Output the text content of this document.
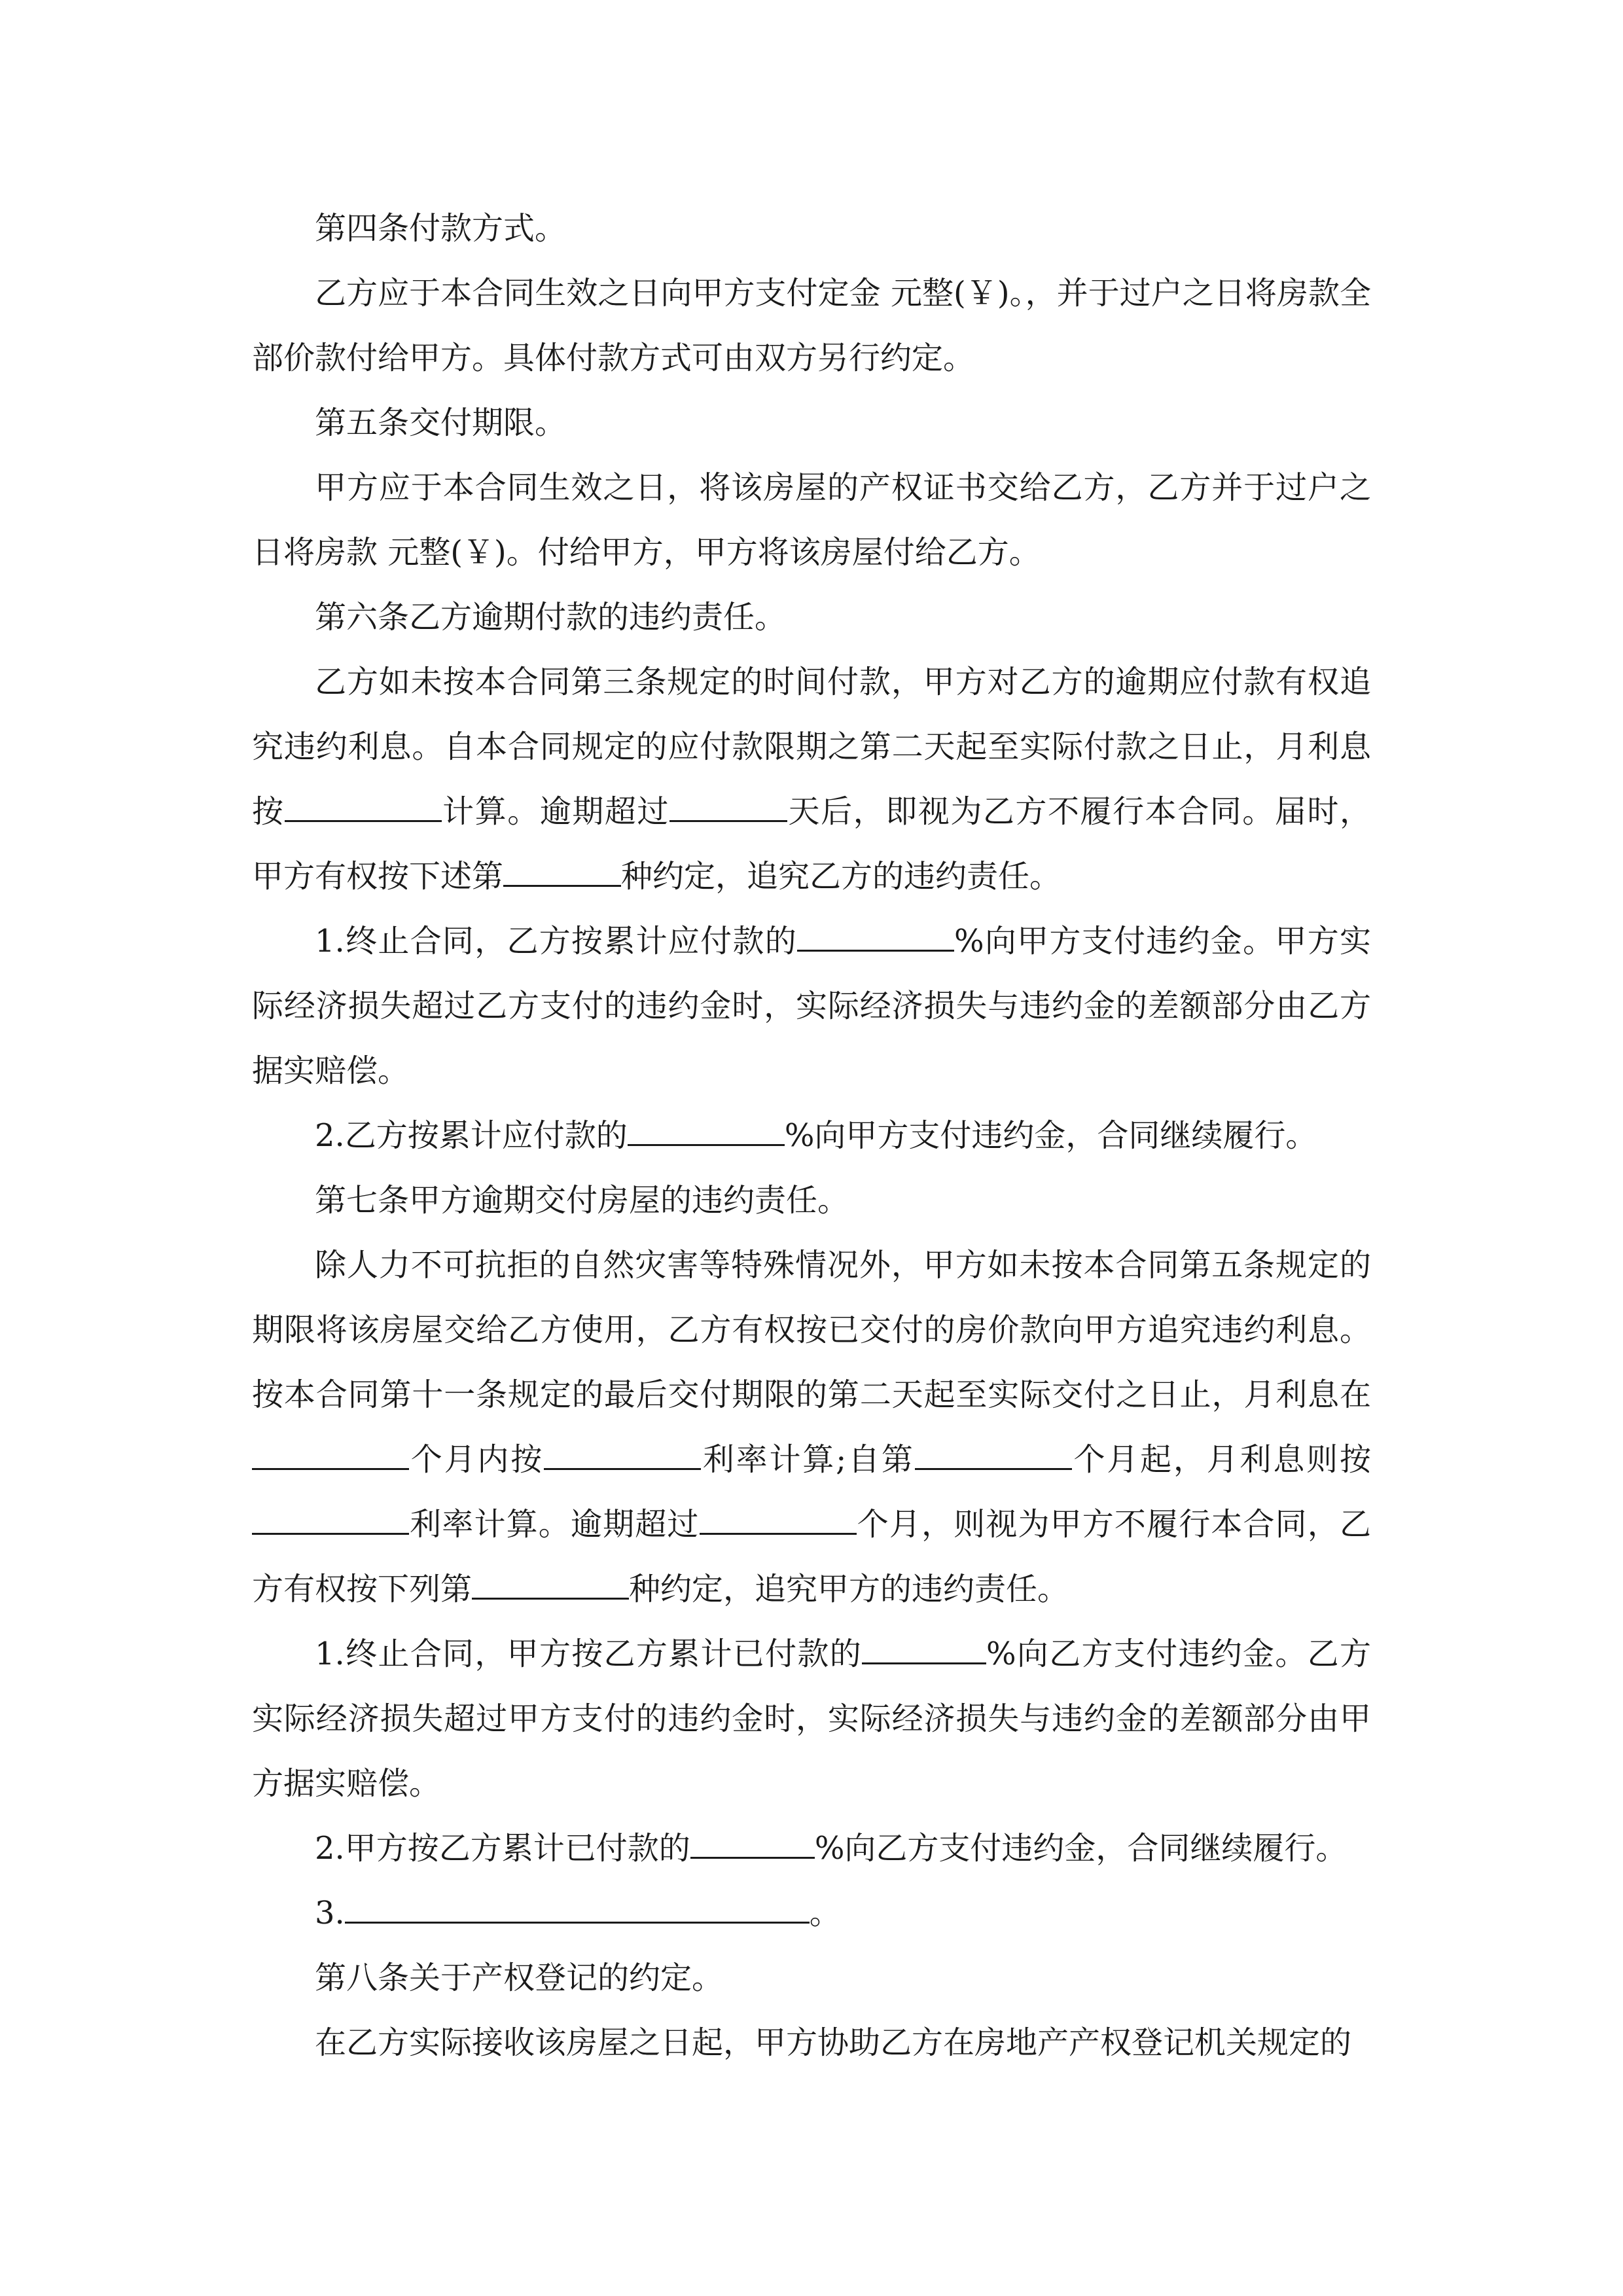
第四条付款方式。

乙方应于本合同生效之日向甲方支付定金 元整(￥)。，并于过户之日将房款全部价款付给甲方。具体付款方式可由双方另行约定。

第五条交付期限。

甲方应于本合同生效之日，将该房屋的产权证书交给乙方，乙方并于过户之日将房款 元整(￥)。付给甲方，甲方将该房屋付给乙方。

第六条乙方逾期付款的违约责任。

乙方如未按本合同第三条规定的时间付款，甲方对乙方的逾期应付款有权追究违约利息。自本合同规定的应付款限期之第二天起至实际付款之日止，月利息按	计算。逾期超过	天后，即视为乙方不履行本合同。届时，甲方有权按下述第	种约定，追究乙方的违约责任。

1.终止合同，乙方按累计应付款的	%向甲方支付违约金。甲方实际经济损失超过乙方支付的违约金时，实际经济损失与违约金的差额部分由乙方据实赔偿。

2.乙方按累计应付款的	%向甲方支付违约金，合同继续履行。

第七条甲方逾期交付房屋的违约责任。

除人力不可抗拒的自然灾害等特殊情况外，甲方如未按本合同第五条规定的期限将该房屋交给乙方使用，乙方有权按已交付的房价款向甲方追究违约利息。按本合同第十一条规定的最后交付期限的第二天起至实际交付之日止，月利息在个月内按	利率计算;自第	个月起，月利息则按利率计算。逾期超过	个月，则视为甲方不履行本合同，乙方有权按下列第	种约定，追究甲方的违约责任。

1.终止合同，甲方按乙方累计已付款的	%向乙方支付违约金。乙方实际经济损失超过甲方支付的违约金时，实际经济损失与违约金的差额部分由甲方据实赔偿。

2.甲方按乙方累计已付款的	%向乙方支付违约金，合同继续履行。

3.	。

第八条关于产权登记的约定。

在乙方实际接收该房屋之日起，甲方协助乙方在房地产产权登记机关规定的
